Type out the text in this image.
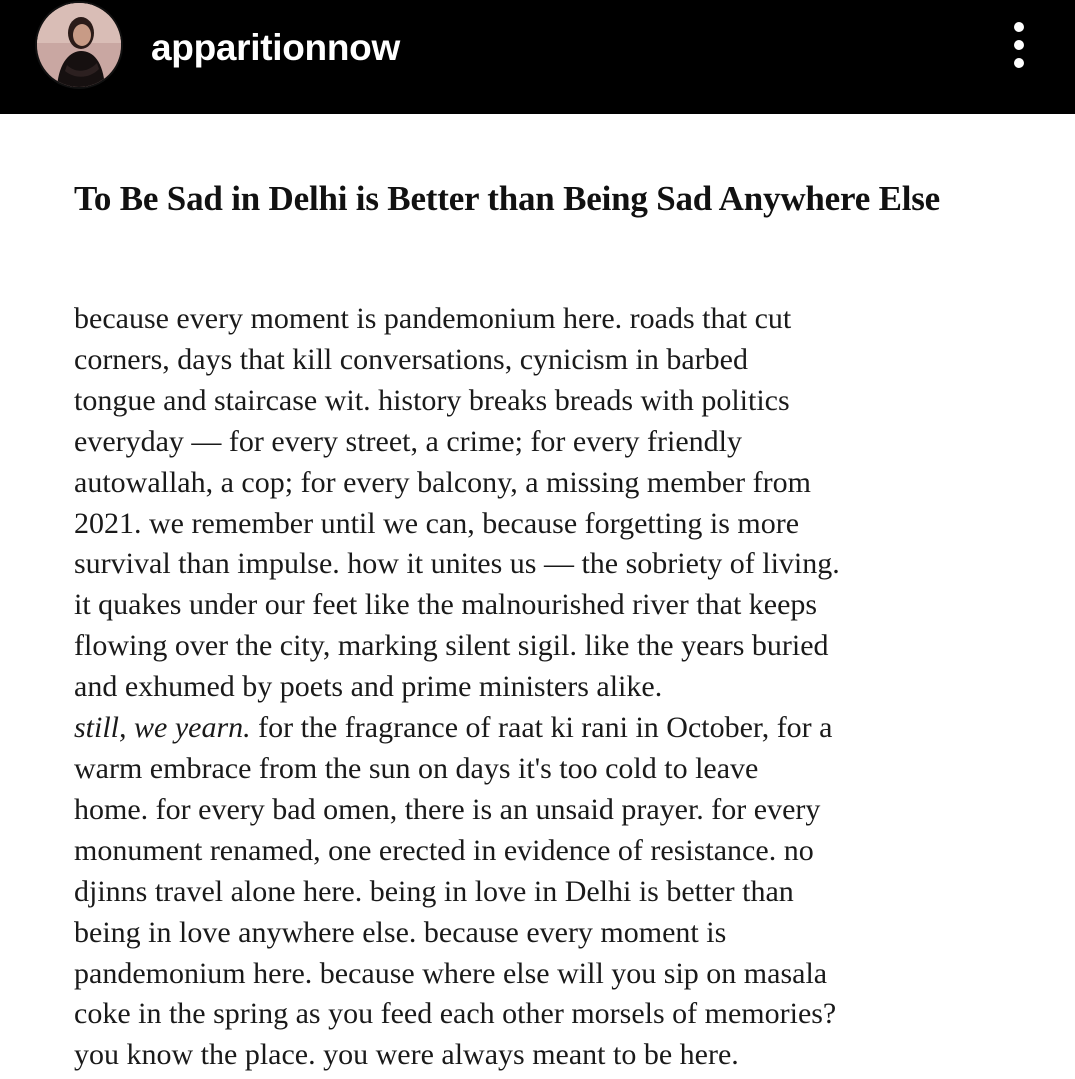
apparitionnow
To Be Sad in Delhi is Better than Being Sad Anywhere Else
because every moment is pandemonium here. roads that cut
corners, days that kill conversations, cynicism in barbed
tongue and staircase wit. history breaks breads with politics
everyday — for every street, a crime; for every friendly
autowallah, a cop; for every balcony, a missing member from
2021. we remember until we can, because forgetting is more
survival than impulse. how it unites us — the sobriety of living.
it quakes under our feet like the malnourished river that keeps
flowing over the city, marking silent sigil. like the years buried
and exhumed by poets and prime ministers alike.
still, we yearn. for the fragrance of raat ki rani in October, for a
warm embrace from the sun on days it's too cold to leave
home. for every bad omen, there is an unsaid prayer. for every
monument renamed, one erected in evidence of resistance. no
djinns travel alone here. being in love in Delhi is better than
being in love anywhere else. because every moment is
pandemonium here. because where else will you sip on masala
coke in the spring as you feed each other morsels of memories?
you know the place. you were always meant to be here.
